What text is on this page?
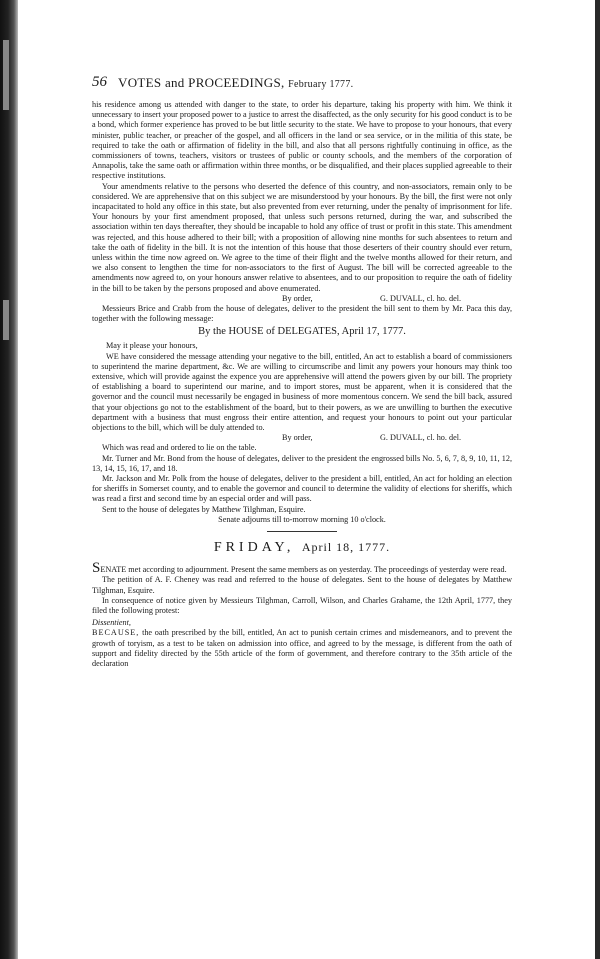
56 VOTES and PROCEEDINGS, February 1777.

his residence among us attended with danger to the state, to order his departure, taking his property with him. We think it unnecessary to insert your proposed power to a justice to arrest the disaffected, as the only security for his good conduct is to be a bond, which former experience has proved to be but little security to the state. We have to propose to your honours, that every minister, public teacher, or preacher of the gospel, and all officers in the land or sea service, or in the militia of this state, be required to take the oath or affirmation of fidelity in the bill, and also that all persons rightfully continuing in office, as the commissioners of towns, teachers, visitors or trustees of public or county schools, and the members of the corporation of Annapolis, take the same oath or affirmation within three months, or be disqualified, and their places supplied agreeable to their respective institutions.

Your amendments relative to the persons who deserted the defence of this country, and non-associators, remain only to be considered. We are apprehensive that on this subject we are misunderstood by your honours. By the bill, the first were not only incapacitated to hold any office in this state, but also prevented from ever returning, under the penalty of imprisonment for life. Your honours by your first amendment proposed, that unless such persons returned, during the war, and subscribed the association within ten days thereafter, they should be incapable to hold any office of trust or profit in this state. This amendment was rejected, and this house adhered to their bill; with a proposition of allowing nine months for such absentees to return and take the oath of fidelity in the bill. It is not the intention of this house that those deserters of their country should ever return, unless within the time now agreed on. We agree to the time of their flight and the twelve months allowed for their return, and we also consent to lengthen the time for non-associators to the first of August. The bill will be corrected agreeable to the amendments now agreed to, on your honours answer relative to absentees, and to our proposition to require the oath of fidelity in the bill to be taken by the persons proposed and above enumerated.

By order,	G. DUVALL, cl. ho. del.

Messieurs Brice and Crabb from the house of delegates, deliver to the president the bill sent to them by Mr. Paca this day, together with the following message:

By the HOUSE of DELEGATES, April 17, 1777.

May it please your honours,

WE have considered the message attending your negative to the bill, entitled, An act to establish a board of commissioners to superintend the marine department, &c. We are willing to circumscribe and limit any powers your honours may think too extensive, which will provide against the expence you are apprehensive will attend the powers given by our bill. The propriety of establishing a board to superintend our marine, and to import stores, must be apparent, when it is considered that the governor and the council must necessarily be engaged in business of more momentous concern. We send the bill back, assured that your objections go not to the establishment of the board, but to their powers, as we are unwilling to burthen the executive department with a business that must engross their entire attention, and request your honours to point out your particular objections to the bill, which will be duly attended to.

By order,	G. DUVALL, cl. ho. del.

Which was read and ordered to lie on the table.

Mr. Turner and Mr. Bond from the house of delegates, deliver to the president the engrossed bills No. 5, 6, 7, 8, 9, 10, 11, 12, 13, 14, 15, 16, 17, and 18.

Mr. Jackson and Mr. Polk from the house of delegates, deliver to the president a bill, entitled, An act for holding an election for sheriffs in Somerset county, and to enable the governor and council to determine the validity of elections for sheriffs, which was read a first and second time by an especial order and will pass.

Sent to the house of delegates by Matthew Tilghman, Esquire.

Senate adjourns till to-morrow morning 10 o'clock.

FRIDAY, April 18, 1777.

SENATE met according to adjournment. Present the same members as on yesterday. The proceedings of yesterday were read.

The petition of A. F. Cheney was read and referred to the house of delegates. Sent to the house of delegates by Matthew Tilghman, Esquire.

In consequence of notice given by Messieurs Tilghman, Carroll, Wilson, and Charles Grahame, the 12th April, 1777, they filed the following protest:

Dissentient,

BECAUSE, the oath prescribed by the bill, entitled, An act to punish certain crimes and misdemeanors, and to prevent the growth of toryism, as a test to be taken on admission into office, and agreed to by the message, is different from the oath of support and fidelity directed by the 55th article of the form of government, and therefore contrary to the 35th article of the declaration
